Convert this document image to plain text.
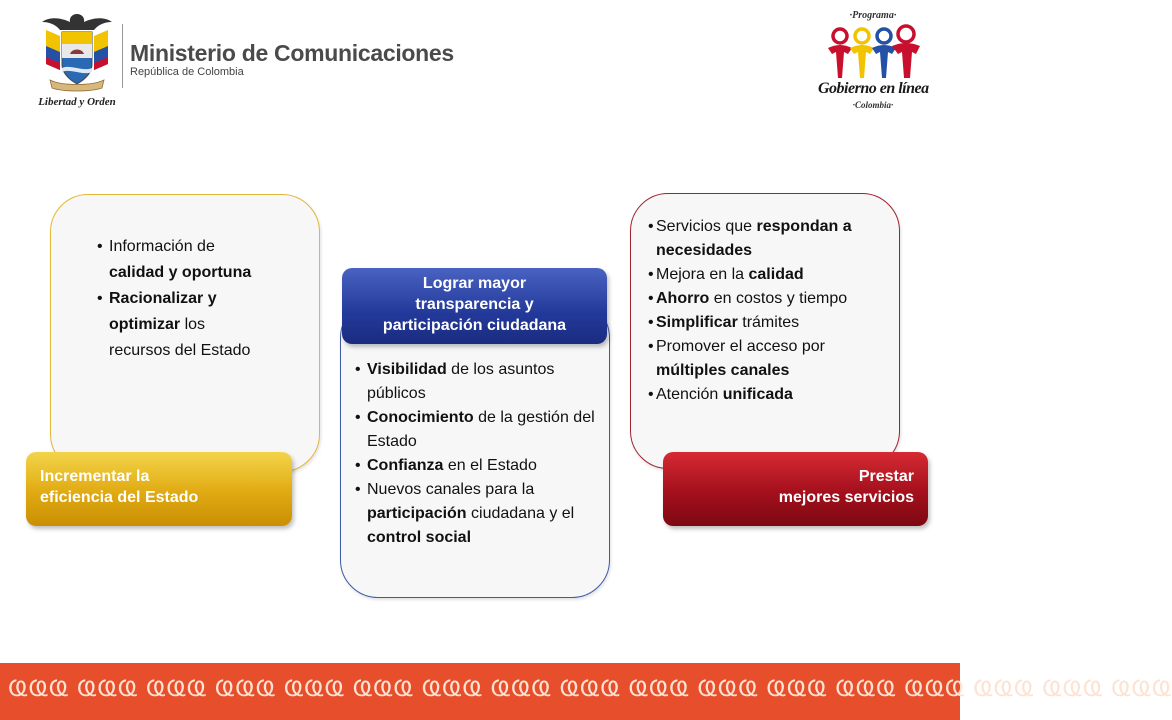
Libertad y Orden
Ministerio de Comunicaciones
República de Colombia
·Programa·
Gobierno en línea
·Colombia·
• Información de calidad y oportuna
• Racionalizar y optimizar los recursos del Estado
• Visibilidad de los asuntos públicos
• Conocimiento de la gestión del Estado
• Confianza en el Estado
• Nuevos canales para la participación ciudadana y el control social
• Servicios que respondan a necesidades
• Mejora en la calidad
• Ahorro en costos y tiempo
• Simplificar trámites
• Promover el acceso por múltiples canales
• Atención unificada
Incrementar la
eficiencia del Estado
Lograr mayor
transparencia y
participación ciudadana
Prestar
mejores servicios
ҨҨҨ ҨҨҨ ҨҨҨ ҨҨҨ ҨҨҨ ҨҨҨ ҨҨҨ ҨҨҨ ҨҨҨ ҨҨҨ ҨҨҨ ҨҨҨ ҨҨҨ ҨҨҨ ҨҨҨ ҨҨҨ ҨҨҨ
